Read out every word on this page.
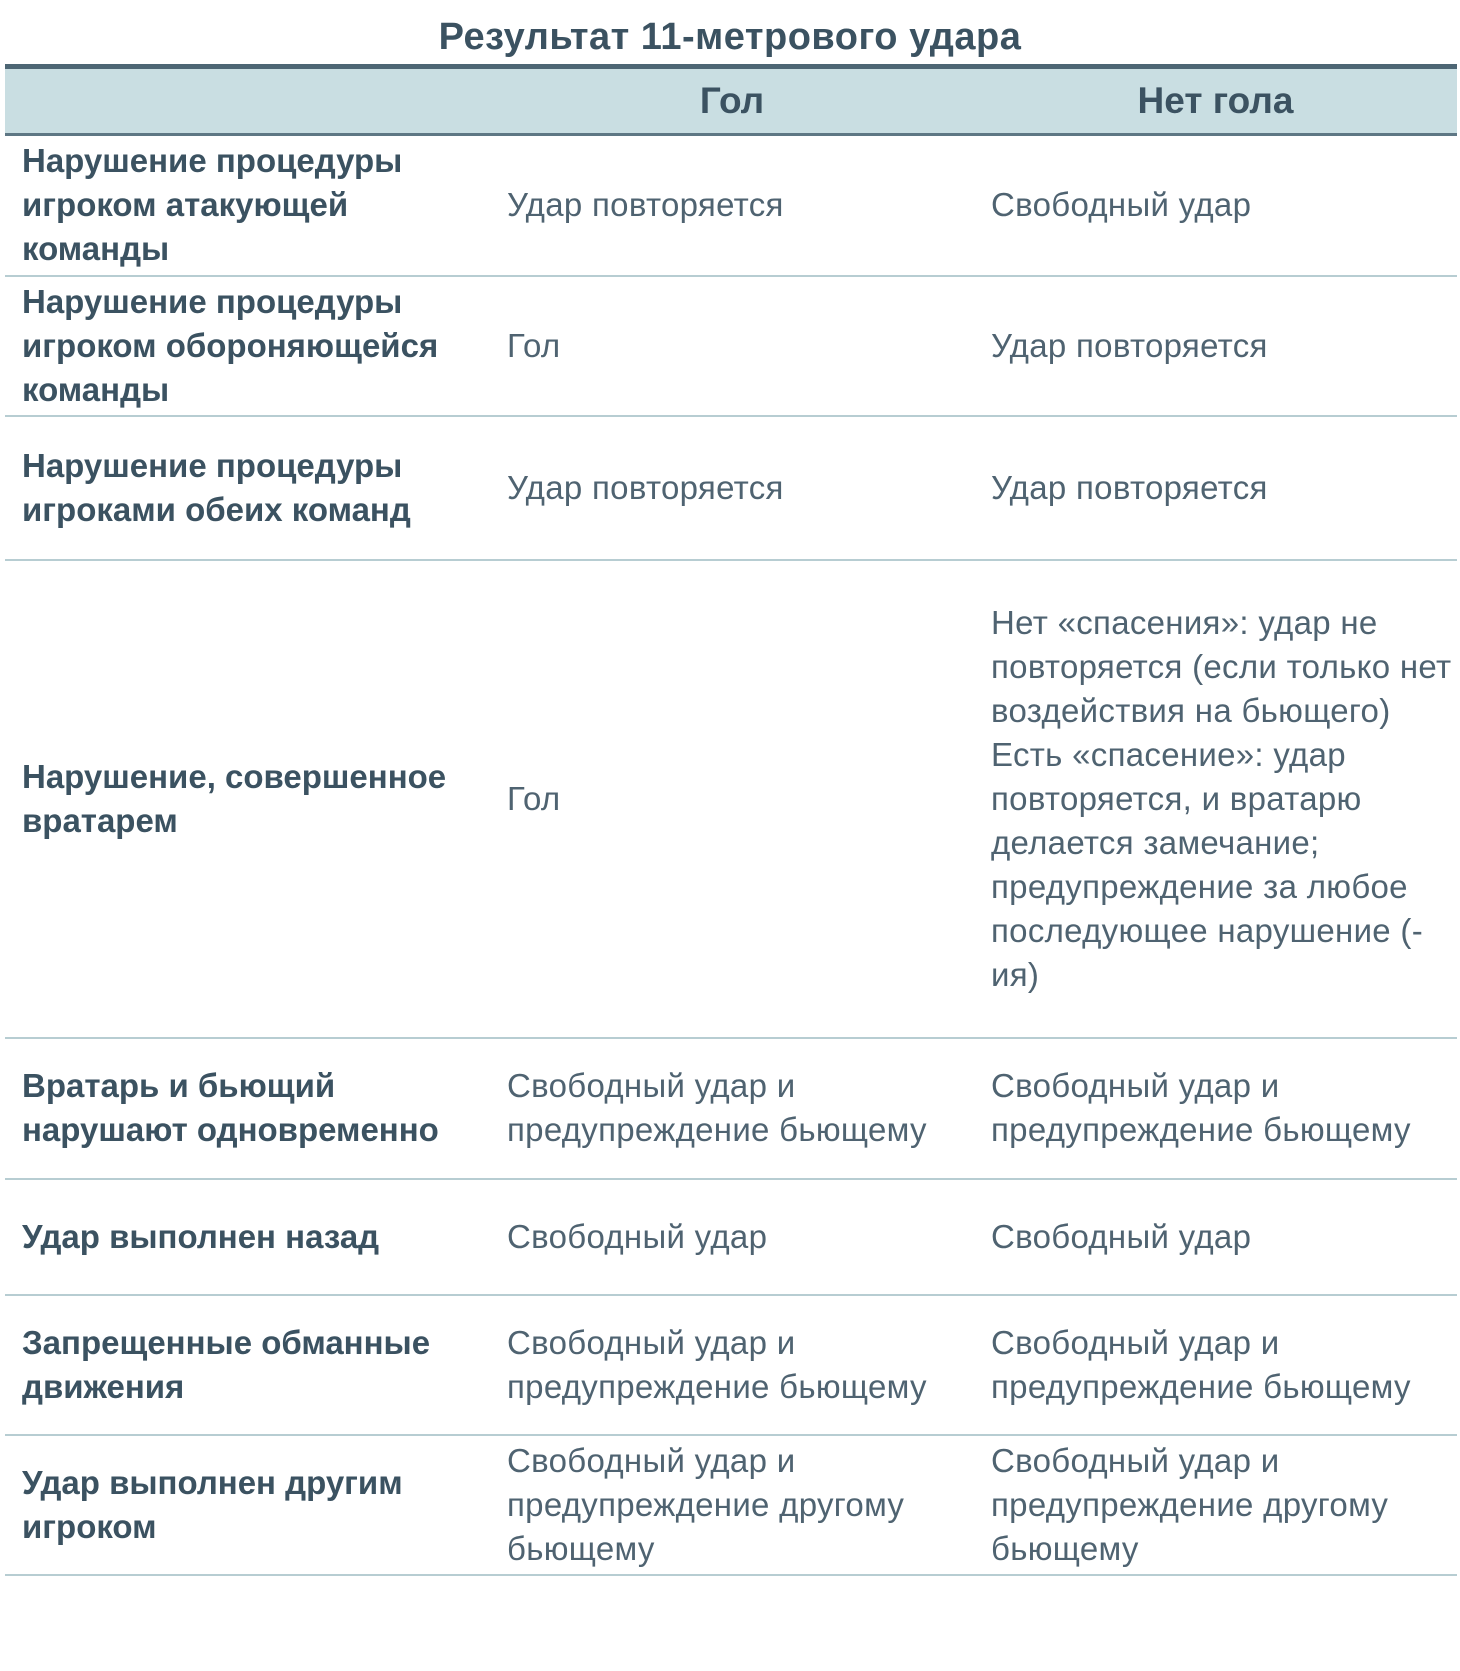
Результат 11-метрового удара
	Гол	Нет гола
Нарушение процедуры игроком атакующей команды	Удар повторяется	Свободный удар
Нарушение процедуры игроком обороняющейся команды	Гол	Удар повторяется
Нарушение процедуры игроками обеих команд	Удар повторяется	Удар повторяется
Нарушение, совершенное вратарем	Гол	Нет «спасения»: удар не повторяется (если только нет воздействия на бьющего)
Есть «спасение»: удар повторяется, и вратарю делается замечание; предупреждение за любое последующее нарушение (-ия)

Вратарь и бьющий нарушают одновременно	Свободный удар и предупреждение бьющему	Свободный удар и предупреждение бьющему
Удар выполнен назад	Свободный удар	Свободный удар
Запрещенные обманные движения	Свободный удар и предупреждение бьющему	Свободный удар и предупреждение бьющему
Удар выполнен другим игроком	Свободный удар и предупреждение другому бьющему	Свободный удар и предупреждение другому бьющему
